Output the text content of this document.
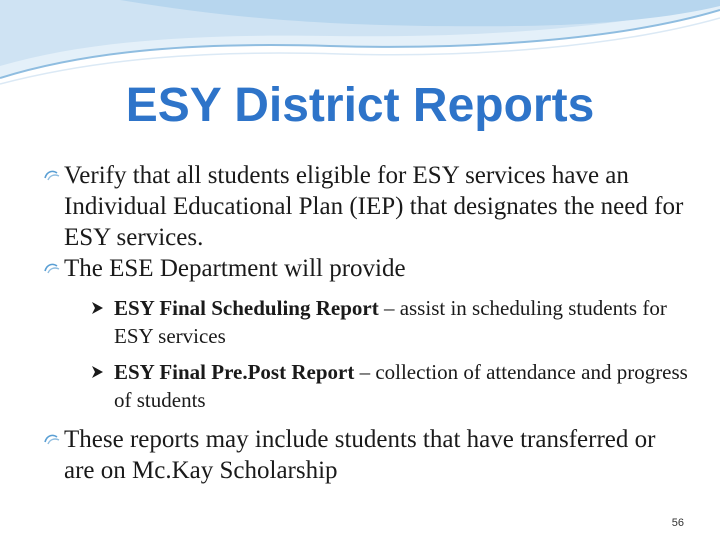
ESY District Reports
Verify that all students eligible for ESY services have an Individual Educational Plan (IEP) that designates the need for ESY services.
The ESE Department will provide
ESY Final Scheduling Report – assist in scheduling students for ESY services
ESY Final Pre.Post Report – collection of attendance and progress of students
These reports may include students that have transferred or are on Mc.Kay Scholarship
56
